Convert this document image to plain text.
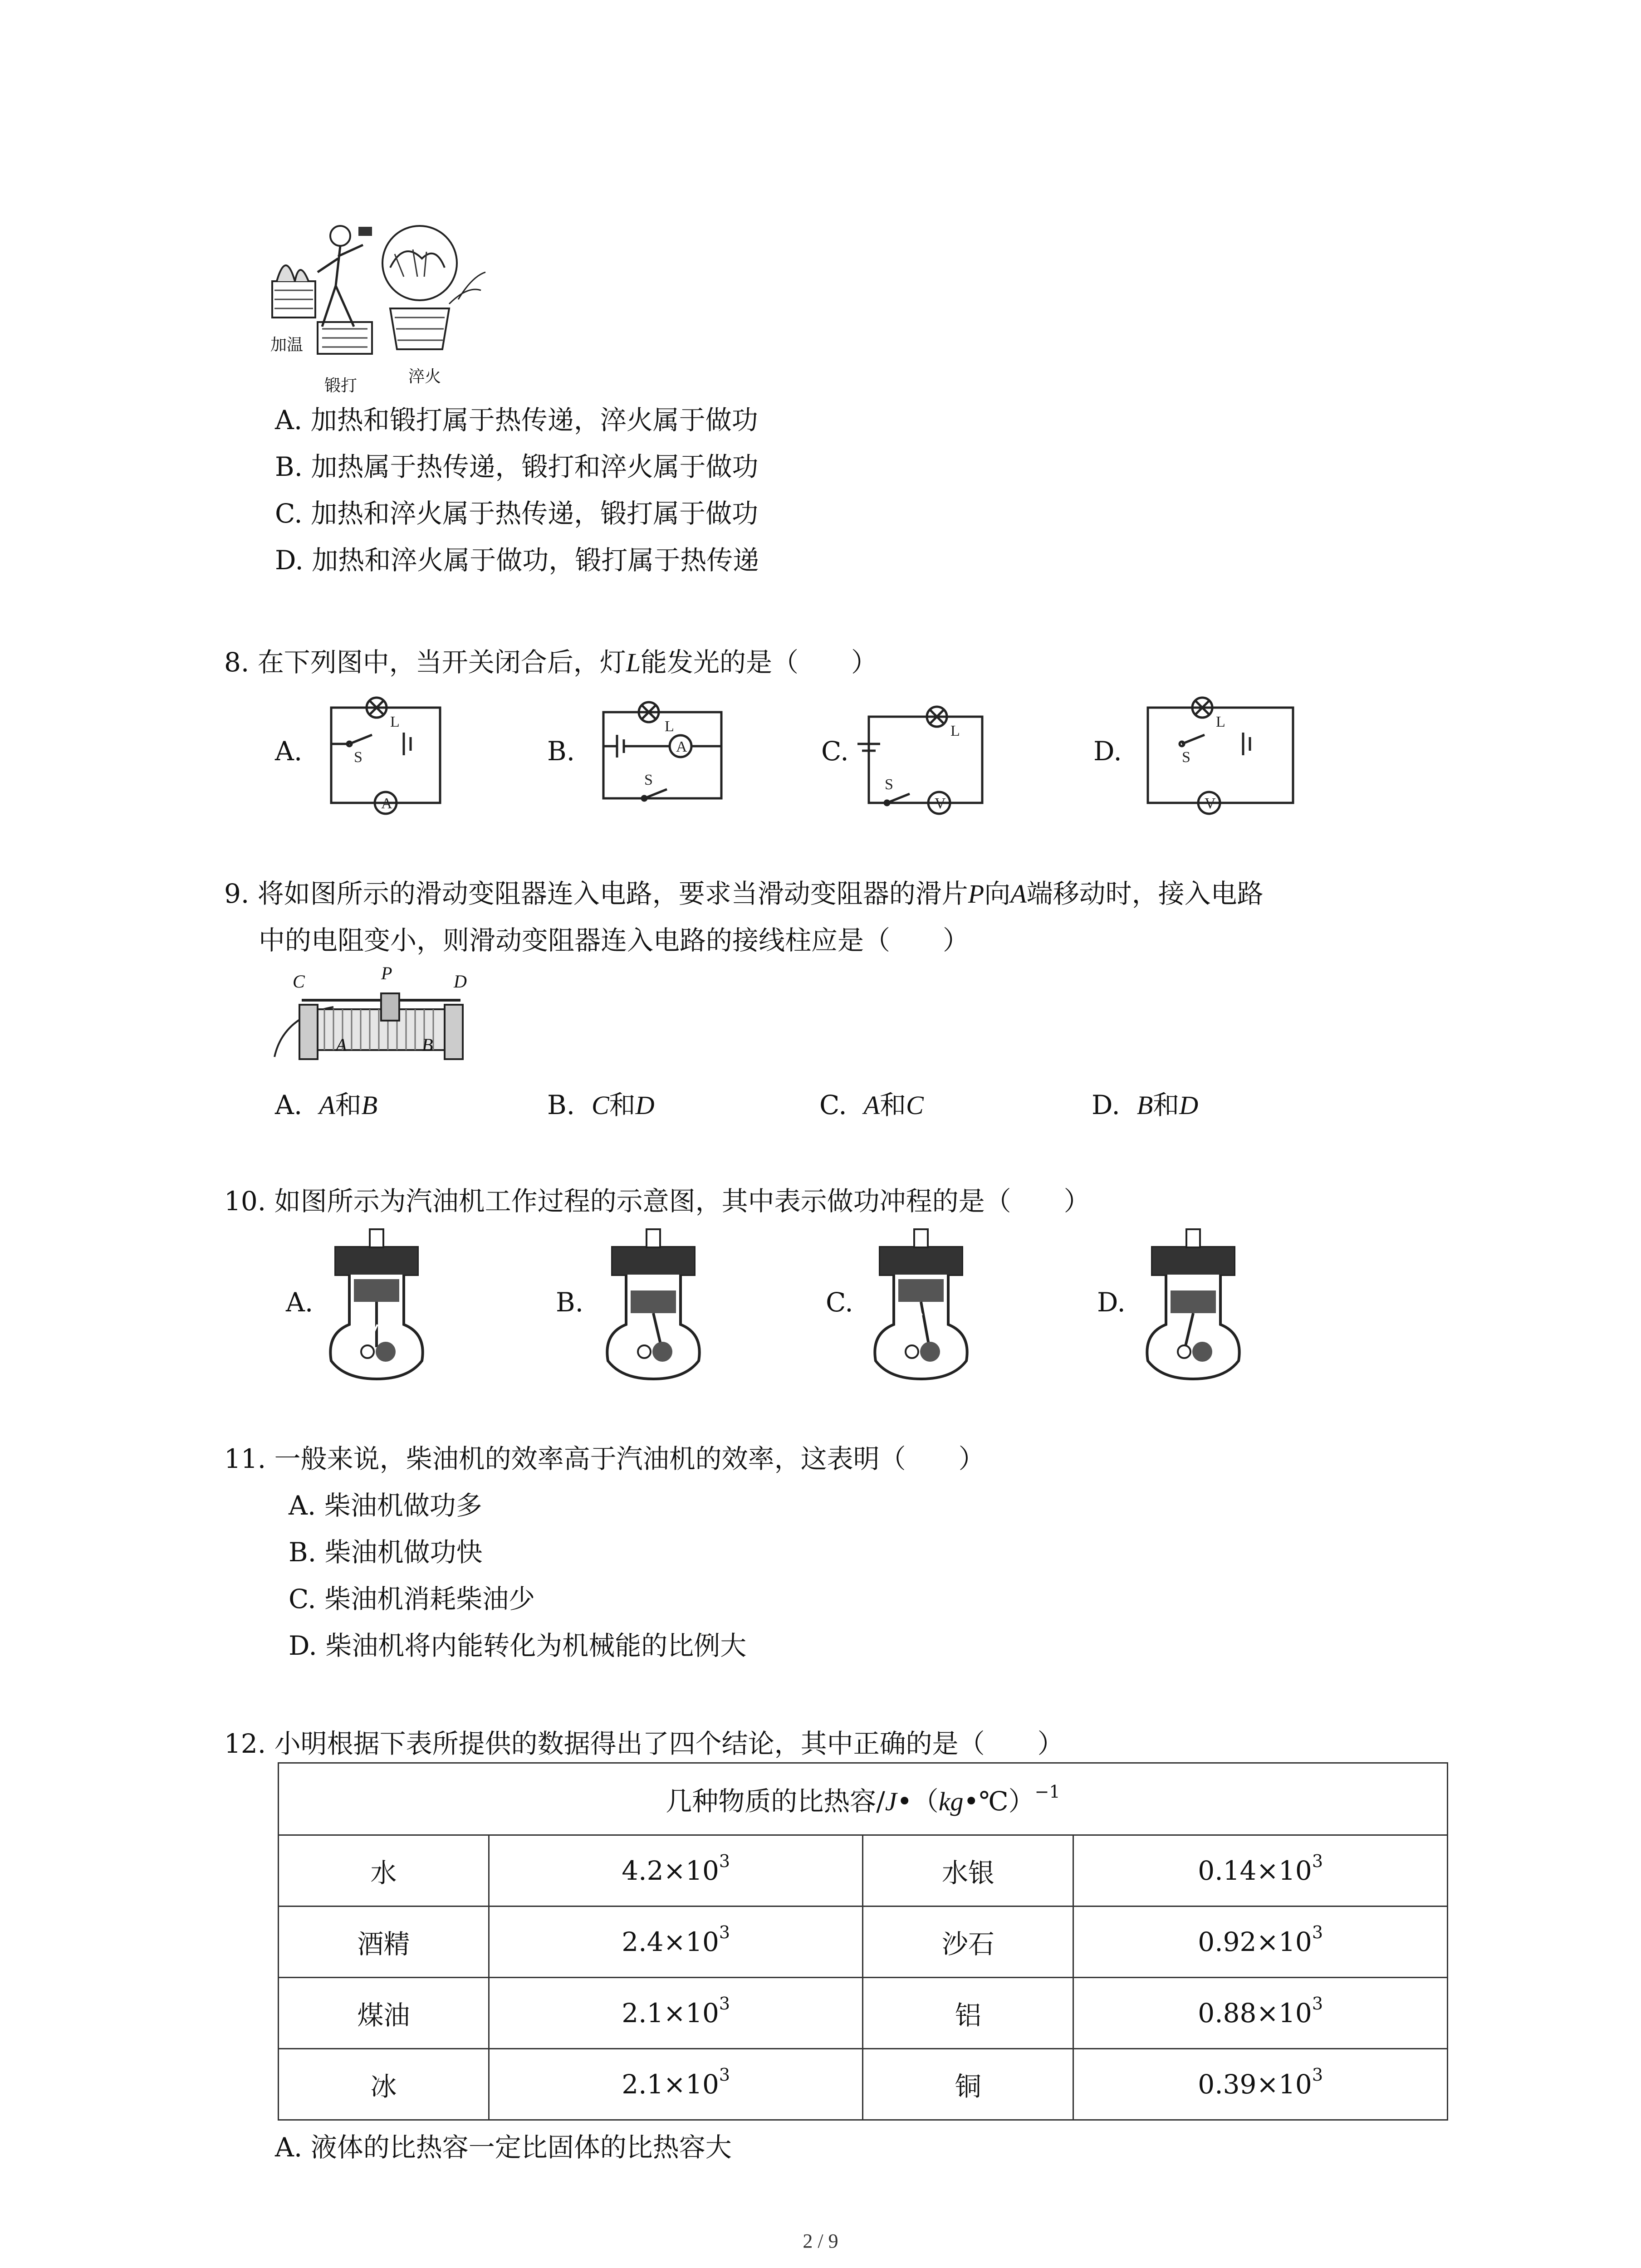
加温
锻打	淬火
A. 加热和锻打属于热传递，淬火属于做功
B. 加热属于热传递，锻打和淬火属于做功
C. 加热和淬火属于热传递，锻打属于做功
D. 加热和淬火属于做功，锻打属于热传递
8. 在下列图中，当开关闭合后，灯L能发光的是（　　）
A.	B.	C.	D.
L
S
A
L
A
S
L
S
V
L
S
V
9. 将如图所示的滑动变阻器连入电路，要求当滑动变阻器的滑片P向A端移动时，接入电路
中的电阻变小，则滑动变阻器连入电路的接线柱应是（　　）
C	P	D
A	B
A. A和B	B. C和D	C. A和C	D. B和D
10. 如图所示为汽油机工作过程的示意图，其中表示做功冲程的是（　　）
A.	B.	C.	D.
11. 一般来说，柴油机的效率高于汽油机的效率，这表明（　　）
A. 柴油机做功多
B. 柴油机做功快
C. 柴油机消耗柴油少
D. 柴油机将内能转化为机械能的比例大
12. 小明根据下表所提供的数据得出了四个结论，其中正确的是（　　）
几种物质的比热容/J•（kg•℃）$^{-1}$
水	$4.2\times 10^3$	水银	$0.14\times 10^3$
酒精	$2.4\times 10^3$	沙石	$0.92\times 10^3$
煤油	$2.1\times 10^3$	铝	$0.88\times 10^3$
冰	$2.1\times 10^3$	铜	$0.39\times 10^3$
A. 液体的比热容一定比固体的比热容大
2 / 9
